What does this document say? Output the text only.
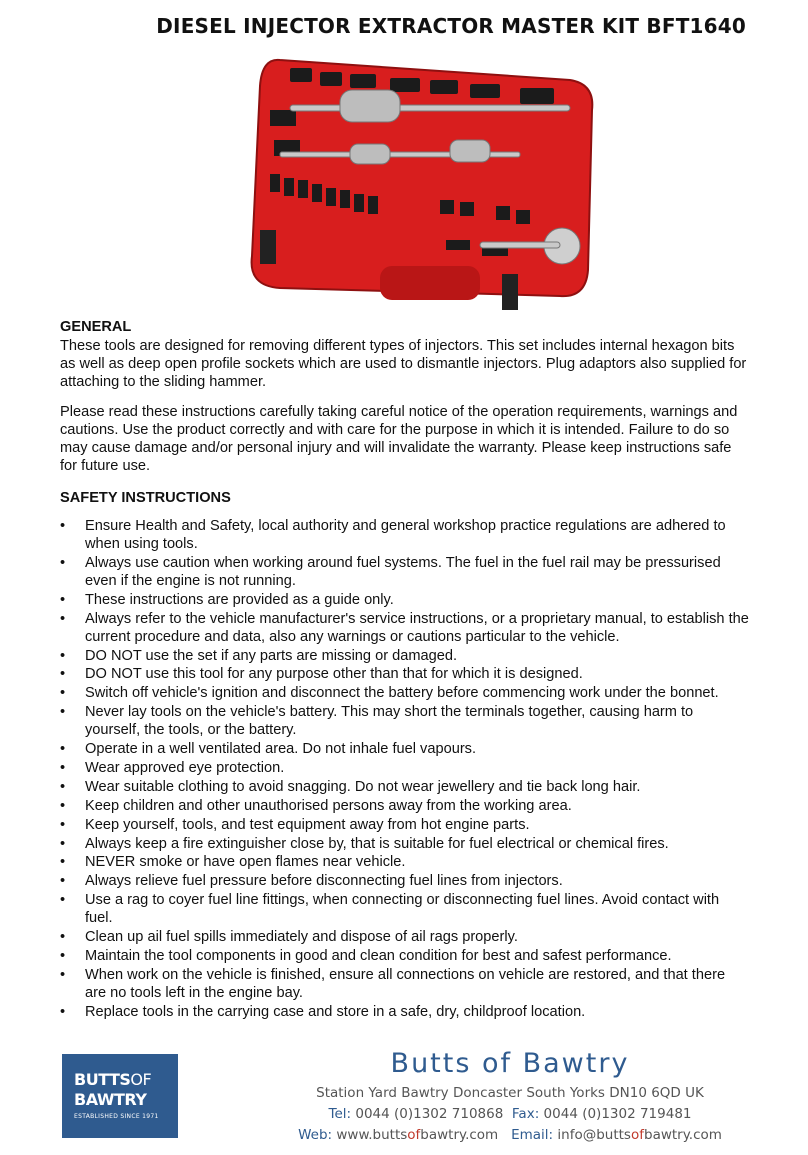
DIESEL INJECTOR EXTRACTOR MASTER KIT BFT1640
GENERAL

These tools are designed for removing different types of injectors. This set includes internal hexagon bits as well as deep open profile sockets which are used to dismantle injectors. Plug adaptors also supplied for attaching to the sliding hammer.

Please read these instructions carefully taking careful notice of the operation requirements, warnings and cautions. Use the product correctly and with care for the purpose in which it is intended. Failure to do so may cause damage and/or personal injury and will invalidate the warranty. Please keep instructions safe for future use.

SAFETY INSTRUCTIONS
•	Ensure Health and Safety, local authority and general workshop practice regulations are adhered to when using tools.
•	Always use caution when working around fuel systems. The fuel in the fuel rail may be pressurised even if the engine is not running.
•	These instructions are provided as a guide only.
•	Always refer to the vehicle manufacturer's service instructions, or a proprietary manual, to establish the current procedure and data, also any warnings or cautions particular to the vehicle.
•	DO NOT use the set if any parts are missing or damaged.
•	DO NOT use this tool for any purpose other than that for which it is designed.
•	Switch off vehicle's ignition and disconnect the battery before commencing work under the bonnet.
•	Never lay tools on the vehicle's battery. This may short the terminals together, causing harm to yourself, the tools, or the battery.
•	Operate in a well ventilated area. Do not inhale fuel vapours.
•	Wear approved eye protection.
•	Wear suitable clothing to avoid snagging. Do not wear jewellery and tie back long hair.
•	Keep children and other unauthorised persons away from the working area.
•	Keep yourself, tools, and test equipment away from hot engine parts.
•	Always keep a fire extinguisher close by, that is suitable for fuel electrical or chemical fires.
•	NEVER smoke or have open flames near vehicle.
•	Always relieve fuel pressure before disconnecting fuel lines from injectors.
•	Use a rag to coyer fuel line fittings, when connecting or disconnecting fuel lines. Avoid contact with fuel.
•	Clean up ail fuel spills immediately and dispose of ail rags properly.
•	Maintain the tool components in good and clean condition for best and safest performance.
•	When work on the vehicle is finished, ensure all connections on vehicle are restored, and that there are no tools left in the engine bay.
•	Replace tools in the carrying case and store in a safe, dry, childproof location.
BUTTSOF
BAWTRY
ESTABLISHED SINCE 1971
Butts of Bawtry
Station Yard Bawtry Doncaster South Yorks DN10 6QD UK
Tel: 0044 (0)1302 710868 Fax: 0044 (0)1302 719481
Web: www.buttsofbawtry.com Email: info@buttsofbawtry.com
